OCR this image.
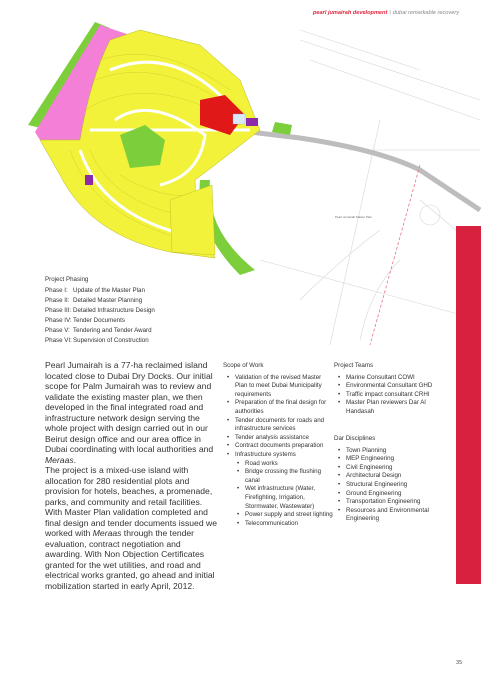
pearl jumairah development | dubai remarkable recovery
Pearl Jumairah Master Plan
Project Phasing
Phase I: Update of the Master Plan
Phase II: Detailed Master Planning
Phase III: Detailed Infrastructure Design
Phase IV: Tender Documents
Phase V: Tendering and Tender Award
Phase VI: Supervision of Construction

Pearl Jumairah is a 77-ha reclaimed island located close to Dubai Dry Docks. Our initial scope for Palm Jumairah was to review and validate the existing master plan, we then developed in the final integrated road and infrastructure network design serving the whole project with design carried out in our Beirut design office and our area office in Dubai coordinating with local authorities and Meraas.

The project is a mixed-use island with allocation for 280 residential plots and provision for hotels, beaches, a promenade, parks, and community and retail facilities. With Master Plan validation completed and final design and tender documents issued we worked with Meraas through the tender evaluation, contract negotiation and awarding. With Non Objection Certificates granted for the wet utilities, and road and electrical works granted, go ahead and initial mobilization started in early April, 2012.

Scope of Work
• Validation of the revised Master Plan to meet Dubai Municipality requirements
• Preparation of the final design for authorities
• Tender documents for roads and infrastructure services
• Tender analysis assistance
• Contract documents preparation
• Infrastructure systems
• Road works
• Bridge crossing the flushing canal
• Wet infrastructure (Water, Firefighting, Irrigation, Stormwater, Wastewater)
• Power supply and street lighting
• Telecommunication
Project Teams
• Marine Consultant COWI
• Environmental Consultant GHD
• Traffic impact consultant CRHI
• Master Plan reviewers Dar Al Handasah
Dar Disciplines
• Town Planning
• MEP Engineering
• Civil Engineering
• Architectural Design
• Structural Engineering
• Ground Engineering
• Transportation Engineering
• Resources and Environmental Engineering
35
